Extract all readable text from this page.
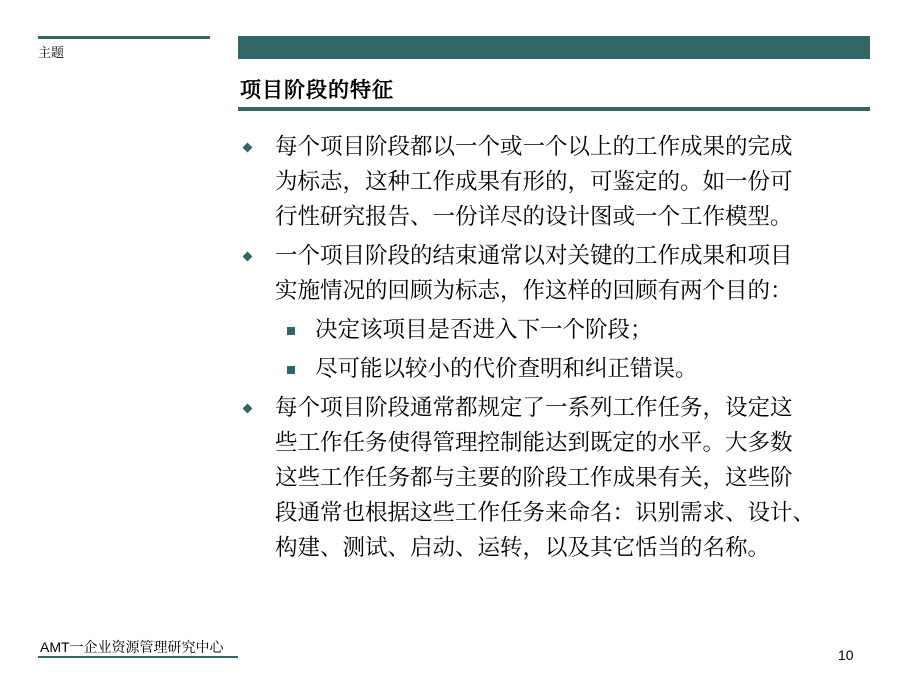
主题
项目阶段的特征
每个项目阶段都以一个或一个以上的工作成果的完成
为标志，这种工作成果有形的，可鉴定的。如一份可
行性研究报告、一份详尽的设计图或一个工作模型。
一个项目阶段的结束通常以对关键的工作成果和项目
实施情况的回顾为标志，作这样的回顾有两个目的：
决定该项目是否进入下一个阶段；
尽可能以较小的代价查明和纠正错误。
每个项目阶段通常都规定了一系列工作任务，设定这
些工作任务使得管理控制能达到既定的水平。大多数
这些工作任务都与主要的阶段工作成果有关，这些阶
段通常也根据这些工作任务来命名：识别需求、设计、
构建、测试、启动、运转，以及其它恬当的名称。
AMT一企业资源管理研究中心	10
